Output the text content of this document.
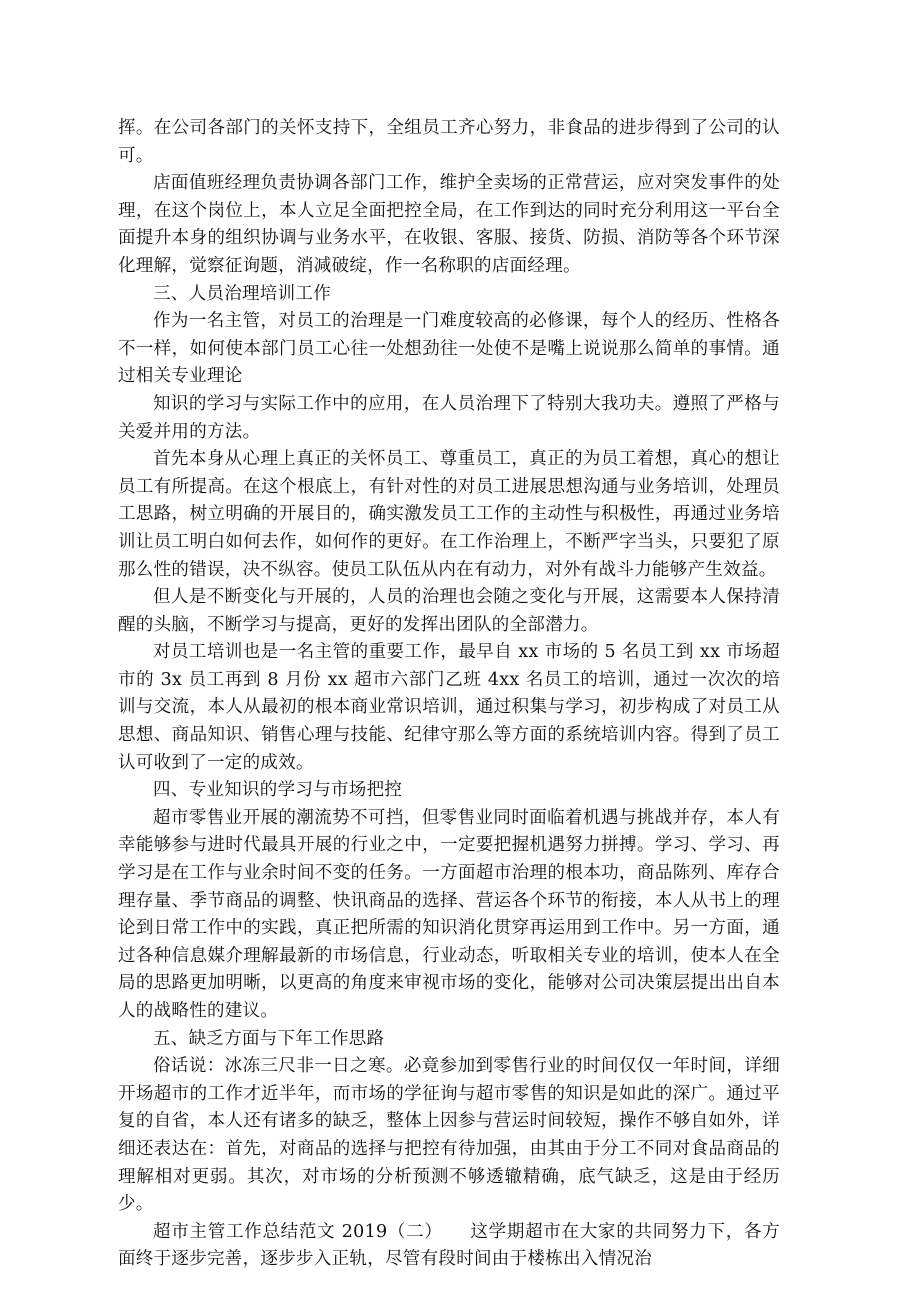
挥。在公司各部门的关怀支持下，全组员工齐心努力，非食品的进步得到了公司的认可。

店面值班经理负责协调各部门工作，维护全卖场的正常营运，应对突发事件的处理，在这个岗位上，本人立足全面把控全局，在工作到达的同时充分利用这一平台全面提升本身的组织协调与业务水平，在收银、客服、接货、防损、消防等各个环节深化理解，觉察征询题，消减破绽，作一名称职的店面经理。

三、人员治理培训工作

作为一名主管，对员工的治理是一门难度较高的必修课，每个人的经历、性格各不一样，如何使本部门员工心往一处想劲往一处使不是嘴上说说那么简单的事情。通过相关专业理论

知识的学习与实际工作中的应用，在人员治理下了特别大我功夫。遵照了严格与关爱并用的方法。

首先本身从心理上真正的关怀员工、尊重员工，真正的为员工着想，真心的想让员工有所提高。在这个根底上，有针对性的对员工进展思想沟通与业务培训，处理员工思路，树立明确的开展目的，确实激发员工工作的主动性与积极性，再通过业务培训让员工明白如何去作，如何作的更好。在工作治理上，不断严字当头，只要犯了原那么性的错误，决不纵容。使员工队伍从内在有动力，对外有战斗力能够产生效益。

但人是不断变化与开展的，人员的治理也会随之变化与开展，这需要本人保持清醒的头脑，不断学习与提高，更好的发挥出团队的全部潜力。

对员工培训也是一名主管的重要工作，最早自 xx 市场的 5 名员工到 xx 市场超市的 3x 员工再到 8 月份 xx 超市六部门乙班 4xx 名员工的培训，通过一次次的培训与交流，本人从最初的根本商业常识培训，通过积集与学习，初步构成了对员工从思想、商品知识、销售心理与技能、纪律守那么等方面的系统培训内容。得到了员工认可收到了一定的成效。

四、专业知识的学习与市场把控

超市零售业开展的潮流势不可挡，但零售业同时面临着机遇与挑战并存，本人有幸能够参与进时代最具开展的行业之中，一定要把握机遇努力拼搏。学习、学习、再学习是在工作与业余时间不变的任务。一方面超市治理的根本功，商品陈列、库存合理存量、季节商品的调整、快讯商品的选择、营运各个环节的衔接，本人从书上的理论到日常工作中的实践，真正把所需的知识消化贯穿再运用到工作中。另一方面，通过各种信息媒介理解最新的市场信息，行业动态，听取相关专业的培训，使本人在全局的思路更加明晰，以更高的角度来审视市场的变化，能够对公司决策层提出出自本人的战略性的建议。

五、缺乏方面与下年工作思路

俗话说：冰冻三尺非一日之寒。必竟参加到零售行业的时间仅仅一年时间，详细开场超市的工作才近半年，而市场的学征询与超市零售的知识是如此的深广。通过平复的自省，本人还有诸多的缺乏，整体上因参与营运时间较短，操作不够自如外，详细还表达在：首先，对商品的选择与把控有待加强，由其由于分工不同对食品商品的理解相对更弱。其次，对市场的分析预测不够透辙精确，底气缺乏，这是由于经历少。

超市主管工作总结范文 2019（二）　　这学期超市在大家的共同努力下，各方面终于逐步完善，逐步步入正轨，尽管有段时间由于楼栋出入情况治
